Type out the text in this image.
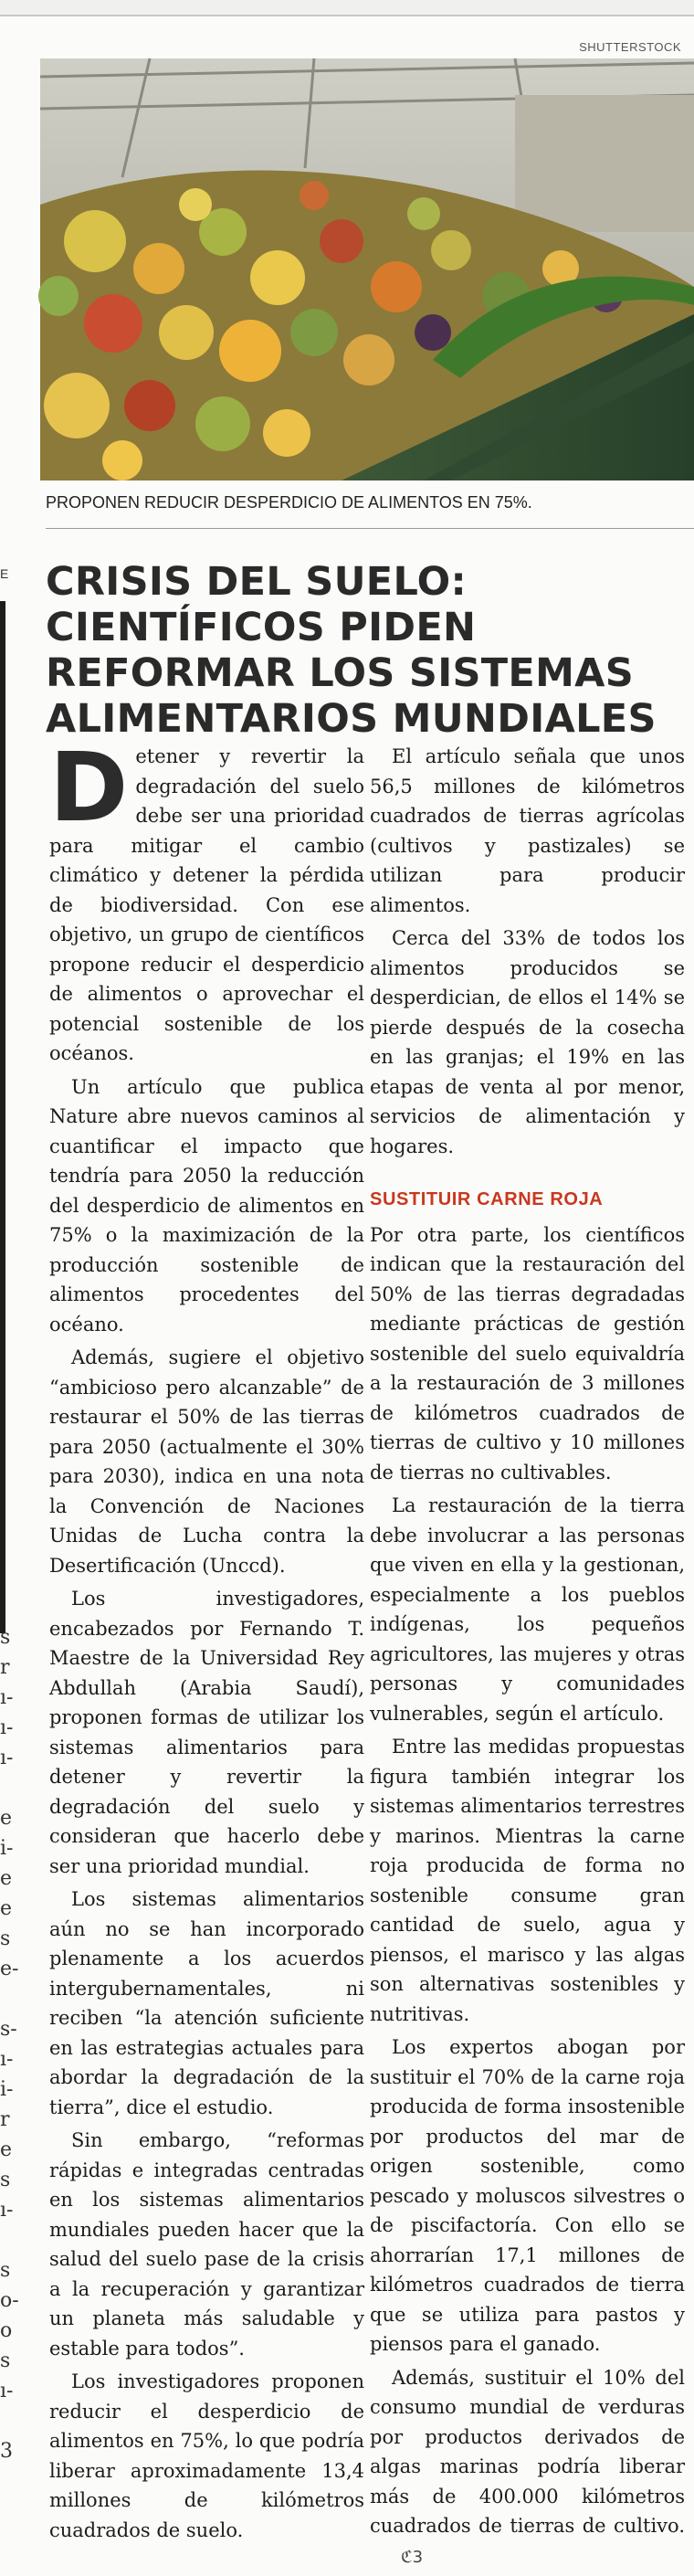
SHUTTERSTOCK
PROPONEN REDUCIR DESPERDICIO DE ALIMENTOS EN 75%.
E
s
r
ı-
ı-
ı-
e
i-
e
e
s
e-
s-
ı-
i-
r
e
s
ı-
s
o-
o
s
ı-
3
CRISIS DEL SUELO: CIENTÍFICOS PIDEN REFORMAR LOS SISTEMAS ALIMENTARIOS MUNDIALES

Detener y revertir la degradación del suelo debe ser una prioridad para mitigar el cambio climático y detener la pérdida de biodiversidad. Con ese objetivo, un grupo de científicos propone reducir el desperdicio de alimentos o aprovechar el potencial sostenible de los océanos.

Un artículo que publica Nature abre nuevos caminos al cuantificar el impacto que tendría para 2050 la reducción del desperdicio de alimentos en 75% o la maximización de la producción sostenible de alimentos procedentes del océano.

Además, sugiere el objetivo “ambicioso pero alcanzable” de restaurar el 50% de las tierras para 2050 (actualmente el 30% para 2030), indica en una nota la Convención de Naciones Unidas de Lucha contra la Desertificación (Unccd).

Los investigadores, encabezados por Fernando T. Maestre de la Universidad Rey Abdullah (Arabia Saudí), proponen formas de utilizar los sistemas alimentarios para detener y revertir la degradación del suelo y consideran que hacerlo debe ser una prioridad mundial.

Los sistemas alimentarios aún no se han incorporado plenamente a los acuerdos intergubernamentales, ni reciben “la atención suficiente en las estrategias actuales para abordar la degradación de la tierra”, dice el estudio.

Sin embargo, “reformas rápidas e integradas centradas en los sistemas alimentarios mundiales pueden hacer que la salud del suelo pase de la crisis a la recuperación y garantizar un planeta más saludable y estable para todos”.

Los investigadores proponen reducir el desperdicio de alimentos en 75%, lo que podría liberar aproximadamente 13,4 millones de kilómetros cuadrados de suelo.

El artículo señala que unos 56,5 millones de kilómetros cuadrados de tierras agrícolas (cultivos y pastizales) se utilizan para producir alimentos.

Cerca del 33% de todos los alimentos producidos se desperdician, de ellos el 14% se pierde después de la cosecha en las granjas; el 19% en las etapas de venta al por menor, servicios de alimentación y hogares.

SUSTITUIR CARNE ROJA

Por otra parte, los científicos indican que la restauración del 50% de las tierras degradadas mediante prácticas de gestión sostenible del suelo equivaldría a la restauración de 3 millones de kilómetros cuadrados de tierras de cultivo y 10 millones de tierras no cultivables.

La restauración de la tierra debe involucrar a las personas que viven en ella y la gestionan, especialmente a los pueblos indígenas, los pequeños agricultores, las mujeres y otras personas y comunidades vulnerables, según el artículo.

Entre las medidas propuestas figura también integrar los sistemas alimentarios terrestres y marinos. Mientras la carne roja producida de forma no sostenible consume gran cantidad de suelo, agua y piensos, el marisco y las algas son alternativas sostenibles y nutritivas.

Los expertos abogan por sustituir el 70% de la carne roja producida de forma insostenible por productos del mar de origen sostenible, como pescado y moluscos silvestres o de piscifactoría. Con ello se ahorrarían 17,1 millones de kilómetros cuadrados de tierra que se utiliza para pastos y piensos para el ganado.

Además, sustituir el 10% del consumo mundial de verduras por productos derivados de algas marinas podría liberar más de 400.000 kilómetros cuadrados de tierras de cultivo.ℭ3
